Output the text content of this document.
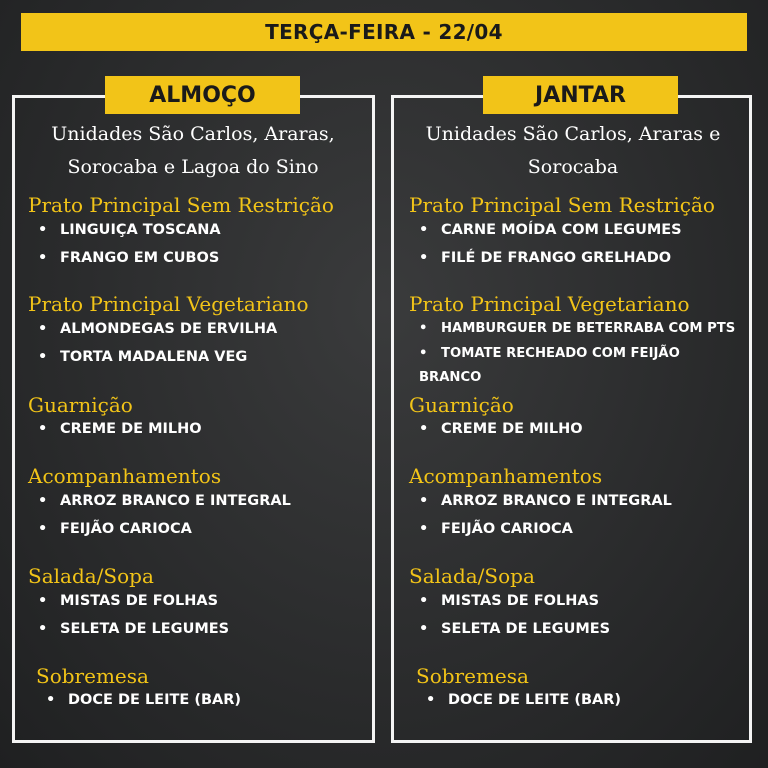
TERÇA-FEIRA - 22/04
ALMOÇO	JANTAR
Unidades São Carlos, Araras,
Sorocaba e Lagoa do Sino
Prato Principal Sem Restrição
• LINGUIÇA TOSCANA
• FRANGO EM CUBOS
Prato Principal Vegetariano
• ALMONDEGAS DE ERVILHA
• TORTA MADALENA VEG
Guarnição
• CREME DE MILHO
Acompanhamentos
• ARROZ BRANCO E INTEGRAL
• FEIJÃO CARIOCA
Salada/Sopa
• MISTAS DE FOLHAS
• SELETA DE LEGUMES
Sobremesa
• DOCE DE LEITE (BAR)
Unidades São Carlos, Araras e
Sorocaba
Prato Principal Sem Restrição
• CARNE MOÍDA COM LEGUMES
• FILÉ DE FRANGO GRELHADO
Prato Principal Vegetariano
• HAMBURGUER DE BETERRABA COM PTS
• TOMATE RECHEADO COM FEIJÃO BRANCO
Guarnição
• CREME DE MILHO
Acompanhamentos
• ARROZ BRANCO E INTEGRAL
• FEIJÃO CARIOCA
Salada/Sopa
• MISTAS DE FOLHAS
• SELETA DE LEGUMES
Sobremesa
• DOCE DE LEITE (BAR)
